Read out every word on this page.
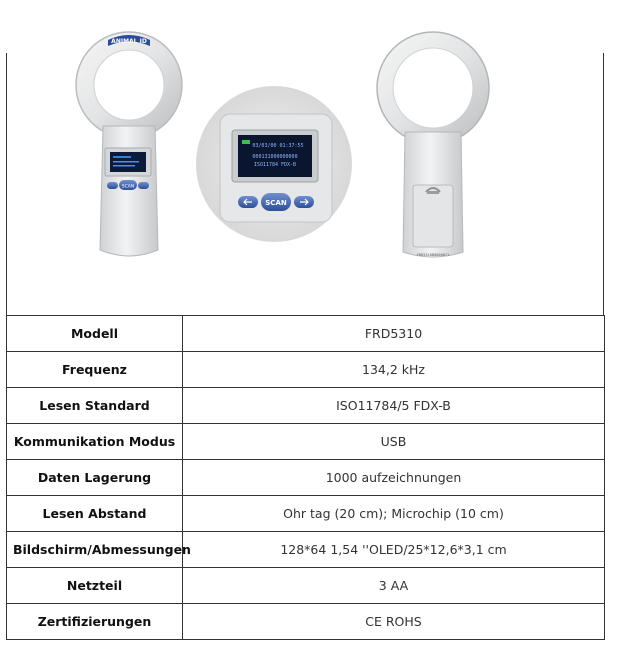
SCAN
ANIMAL ID
03/03/00 01:37:55
000131000000000
ISO11784 FDX-B
SCAN
FRD5310B0000071
Modell	FRD5310
Frequenz	134,2 kHz
Lesen Standard	ISO11784/5 FDX-B
Kommunikation Modus	USB
Daten Lagerung	1000 aufzeichnungen
Lesen Abstand	Ohr tag (20 cm); Microchip (10 cm)
Bildschirm/Abmessungen	128*64 1,54 ''OLED/25*12,6*3,1 cm
Netzteil	3 AA
Zertifizierungen	CE ROHS
